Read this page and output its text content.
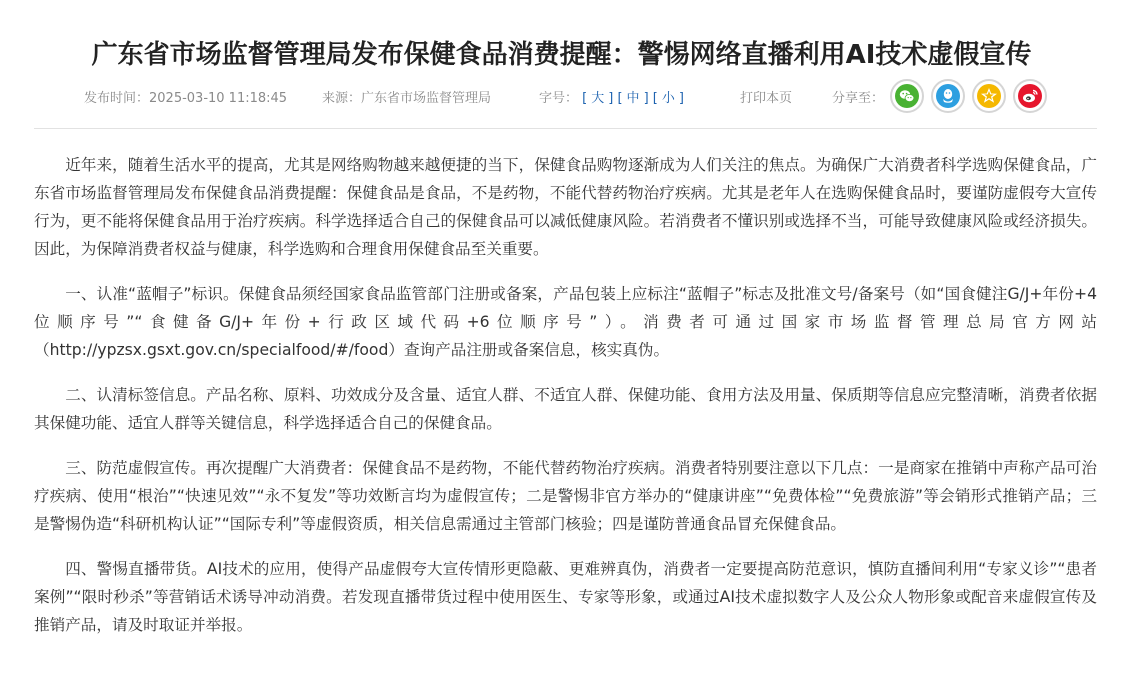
广东省市场监督管理局发布保健食品消费提醒：警惕网络直播利用AI技术虚假宣传
发布时间：2025-03-10 11:18:45	来源：广东省市场监督管理局	字号： [ 大 ] [ 中 ] [ 小 ]	打印本页	分享至：

近年来，随着生活水平的提高，尤其是网络购物越来越便捷的当下，保健食品购物逐渐成为人们关注的焦点。为确保广大消费者科学选购保健食品，广东省市场监督管理局发布保健食品消费提醒：保健食品是食品，不是药物，不能代替药物治疗疾病。尤其是老年人在选购保健食品时，要谨防虚假夸大宣传行为，更不能将保健食品用于治疗疾病。科学选择适合自己的保健食品可以减低健康风险。若消费者不懂识别或选择不当，可能导致健康风险或经济损失。因此，为保障消费者权益与健康，科学选购和合理食用保健食品至关重要。

一、认准“蓝帽子”标识。保健食品须经国家食品监管部门注册或备案，产品包装上应标注“蓝帽子”标志及批准文号/备案号（如“国食健注G/J+年份+4位顺序号”“食健备G/J+年份+行政区域代码+6位顺序号”）。消费者可通过国家市场监督管理总局官方网站（http://ypzsx.gsxt.gov.cn/specialfood/#/food）查询产品注册或备案信息，核实真伪。

二、认清标签信息。产品名称、原料、功效成分及含量、适宜人群、不适宜人群、保健功能、食用方法及用量、保质期等信息应完整清晰，消费者依据其保健功能、适宜人群等关键信息，科学选择适合自己的保健食品。

三、防范虚假宣传。再次提醒广大消费者：保健食品不是药物，不能代替药物治疗疾病。消费者特别要注意以下几点：一是商家在推销中声称产品可治疗疾病、使用“根治”“快速见效”“永不复发”等功效断言均为虚假宣传；二是警惕非官方举办的“健康讲座”“免费体检”“免费旅游”等会销形式推销产品；三是警惕伪造“科研机构认证”“国际专利”等虚假资质，相关信息需通过主管部门核验；四是谨防普通食品冒充保健食品。

四、警惕直播带货。AI技术的应用，使得产品虚假夸大宣传情形更隐蔽、更难辨真伪，消费者一定要提高防范意识，慎防直播间利用“专家义诊”“患者案例”“限时秒杀”等营销话术诱导冲动消费。若发现直播带货过程中使用医生、专家等形象，或通过AI技术虚拟数字人及公众人物形象或配音来虚假宣传及推销产品，请及时取证并举报。
